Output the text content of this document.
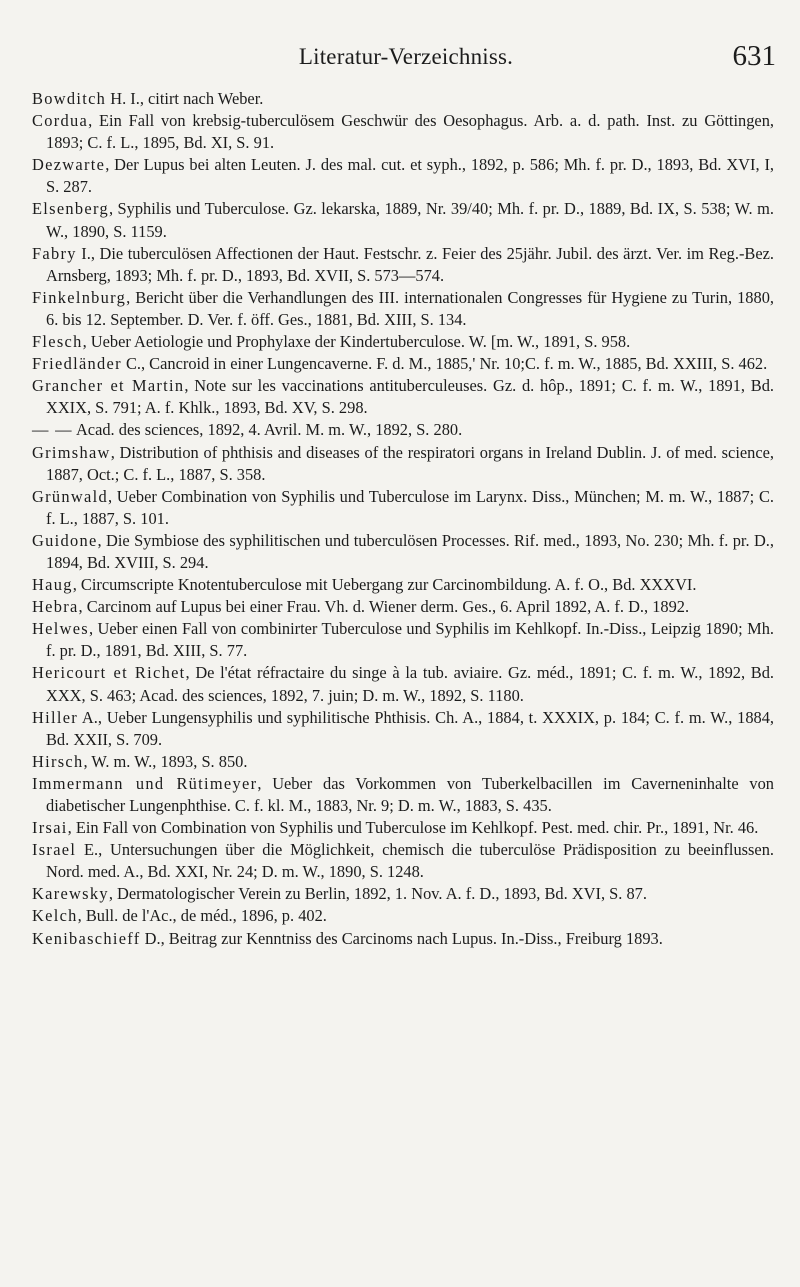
Literatur-Verzeichniss.	631
Bowditch H. I., citirt nach Weber.
Cordua, Ein Fall von krebsig-tuberculösem Geschwür des Oesophagus. Arb. a. d. path. Inst. zu Göttingen, 1893; C. f. L., 1895, Bd. XI, S. 91.
Dezwarte, Der Lupus bei alten Leuten. J. des mal. cut. et syph., 1892, p. 586; Mh. f. pr. D., 1893, Bd. XVI, I, S. 287.
Elsenberg, Syphilis und Tuberculose. Gz. lekarska, 1889, Nr. 39/40; Mh. f. pr. D., 1889, Bd. IX, S. 538; W. m. W., 1890, S. 1159.
Fabry I., Die tuberculösen Affectionen der Haut. Festschr. z. Feier des 25jähr. Jubil. des ärzt. Ver. im Reg.-Bez. Arnsberg, 1893; Mh. f. pr. D., 1893, Bd. XVII, S. 573—574.
Finkelnburg, Bericht über die Verhandlungen des III. internationalen Congresses für Hygiene zu Turin, 1880, 6. bis 12. September. D. Ver. f. öff. Ges., 1881, Bd. XIII, S. 134.
Flesch, Ueber Aetiologie und Prophylaxe der Kindertuberculose. W. [m. W., 1891, S. 958.
Friedländer C., Cancroid in einer Lungencaverne. F. d. M., 1885,' Nr. 10;C. f. m. W., 1885, Bd. XXIII, S. 462.
Grancher et Martin, Note sur les vaccinations antituberculeuses. Gz. d. hôp., 1891; C. f. m. W., 1891, Bd. XXIX, S. 791; A. f. Khlk., 1893, Bd. XV, S. 298.
— — Acad. des sciences, 1892, 4. Avril. M. m. W., 1892, S. 280.
Grimshaw, Distribution of phthisis and diseases of the respiratori organs in Ireland Dublin. J. of med. science, 1887, Oct.; C. f. L., 1887, S. 358.
Grünwald, Ueber Combination von Syphilis und Tuberculose im Larynx. Diss., München; M. m. W., 1887; C. f. L., 1887, S. 101.
Guidone, Die Symbiose des syphilitischen und tuberculösen Processes. Rif. med., 1893, No. 230; Mh. f. pr. D., 1894, Bd. XVIII, S. 294.
Haug, Circumscripte Knotentuberculose mit Uebergang zur Carcinombildung. A. f. O., Bd. XXXVI.
Hebra, Carcinom auf Lupus bei einer Frau. Vh. d. Wiener derm. Ges., 6. April 1892, A. f. D., 1892.
Helwes, Ueber einen Fall von combinirter Tuberculose und Syphilis im Kehlkopf. In.-Diss., Leipzig 1890; Mh. f. pr. D., 1891, Bd. XIII, S. 77.
Hericourt et Richet, De l'état réfractaire du singe à la tub. aviaire. Gz. méd., 1891; C. f. m. W., 1892, Bd. XXX, S. 463; Acad. des sciences, 1892, 7. juin; D. m. W., 1892, S. 1180.
Hiller A., Ueber Lungensyphilis und syphilitische Phthisis. Ch. A., 1884, t. XXXIX, p. 184; C. f. m. W., 1884, Bd. XXII, S. 709.
Hirsch, W. m. W., 1893, S. 850.
Immermann und Rütimeyer, Ueber das Vorkommen von Tuberkelbacillen im Caverneninhalte von diabetischer Lungenphthise. C. f. kl. M., 1883, Nr. 9; D. m. W., 1883, S. 435.
Irsai, Ein Fall von Combination von Syphilis und Tuberculose im Kehlkopf. Pest. med. chir. Pr., 1891, Nr. 46.
Israel E., Untersuchungen über die Möglichkeit, chemisch die tuberculöse Prädisposition zu beeinflussen. Nord. med. A., Bd. XXI, Nr. 24; D. m. W., 1890, S. 1248.
Karewsky, Dermatologischer Verein zu Berlin, 1892, 1. Nov. A. f. D., 1893, Bd. XVI, S. 87.
Kelch, Bull. de l'Ac., de méd., 1896, p. 402.
Kenibaschieff D., Beitrag zur Kenntniss des Carcinoms nach Lupus. In.-Diss., Freiburg 1893.
